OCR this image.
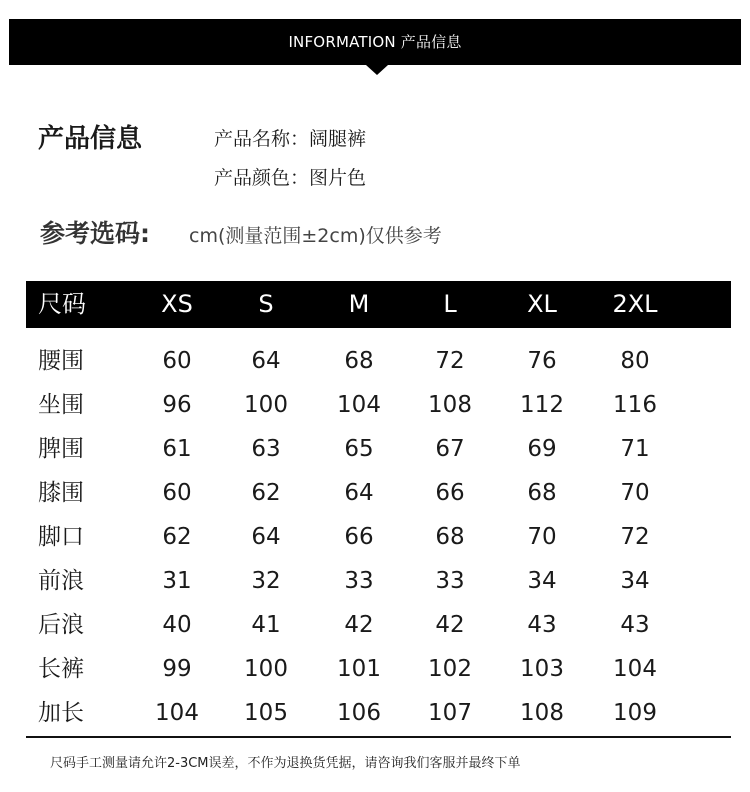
INFORMATION 产品信息
产品信息	产品名称：阔腿裤
产品颜色：图片色
参考选码: cm(测量范围±2cm)仅供参考
尺码	XS	S	M	L	XL	2XL
腰围	60	64	68	72	76	80
坐围	96	100	104	108	112	116
脾围	61	63	65	67	69	71
膝围	60	62	64	66	68	70
脚口	62	64	66	68	70	72
前浪	31	32	33	33	34	34
后浪	40	41	42	42	43	43
长裤	99	100	101	102	103	104
加长	104	105	106	107	108	109
尺码手工测量请允许2-3CM误差，不作为退换货凭据，请咨询我们客服并最终下单
